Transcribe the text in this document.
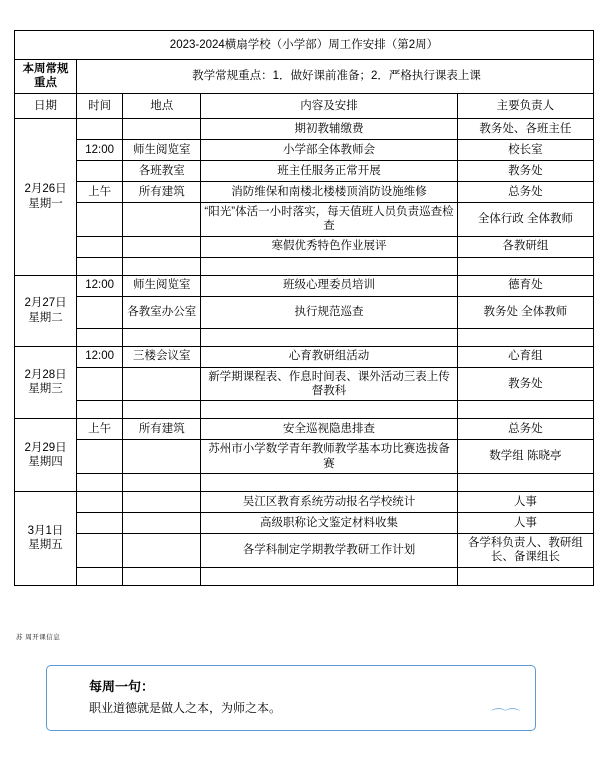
2023-2024横扇学校（小学部）周工作安排（第2周）				
本周常规重点	教学常规重点：1．做好课前准备；2．严格执行课表上课			
日期	时间	地点	内容及安排	主要负责人

2月26日
星期一			期初教辅缴费	教务处、各班主任
	12:00	师生阅览室	小学部全体教师会	校长室
		各班教室	班主任服务正常开展	教务处
	上午	所有建筑	消防维保和南楼北楼楼顶消防设施维修	总务处
			“阳光”体活一小时落实，每天值班人员负责巡查检查	全体行政 全体教师
			寒假优秀特色作业展评	各教研组

2月27日
星期二	12:00	师生阅览室	班级心理委员培训	德育处
		各教室办公室	执行规范巡查	教务处 全体教师

2月28日
星期三	12:00	三楼会议室	心育教研组活动	心育组
			新学期课程表、作息时间表、课外活动三表上传督教科	教务处

2月29日
星期四	上午	所有建筑	安全巡视隐患排查	总务处
			苏州市小学数学青年教师教学基本功比赛选拔备赛	数学组 陈晓亭

3月1日
星期五			吴江区教育系统劳动报名学校统计	人事
			高级职称论文鉴定材料收集	人事
			各学科制定学期教学教研工作计划	各学科负责人、教研组长、备课组长

苏 周开课信息
每周一句：
职业道德就是做人之本，为师之本。	⌒⌒
